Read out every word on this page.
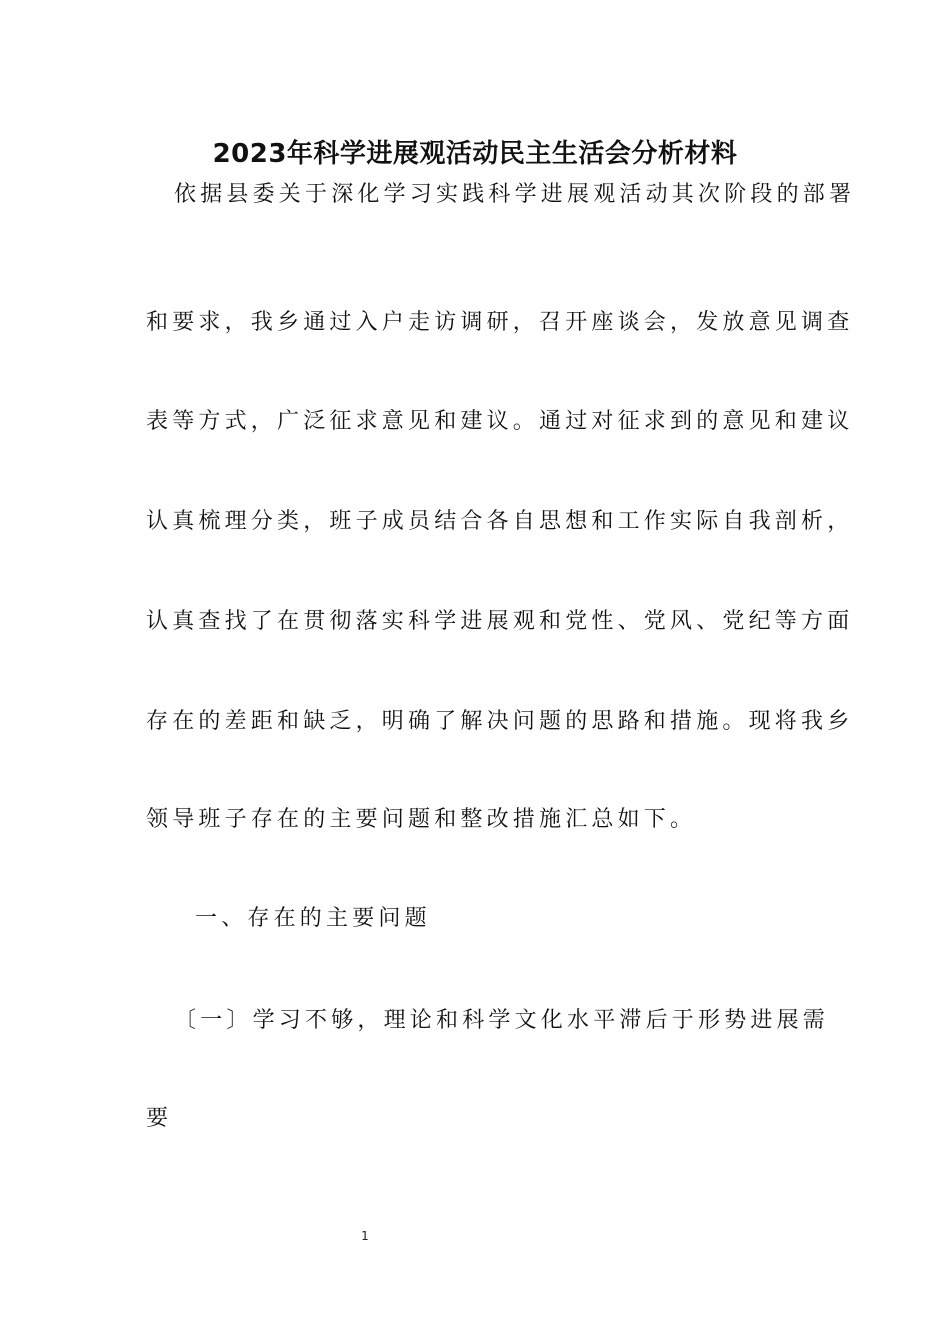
2023年科学进展观活动民主生活会分析材料
依据县委关于深化学习实践科学进展观活动其次阶段的部署
和要求，我乡通过入户走访调研，召开座谈会，发放意见调查
表等方式，广泛征求意见和建议。通过对征求到的意见和建议
认真梳理分类，班子成员结合各自思想和工作实际自我剖析，
认真查找了在贯彻落实科学进展观和党性、党风、党纪等方面
存在的差距和缺乏，明确了解决问题的思路和措施。现将我乡
领导班子存在的主要问题和整改措施汇总如下。
一、存在的主要问题
〔一〕学习不够，理论和科学文化水平滞后于形势进展需
要
1
